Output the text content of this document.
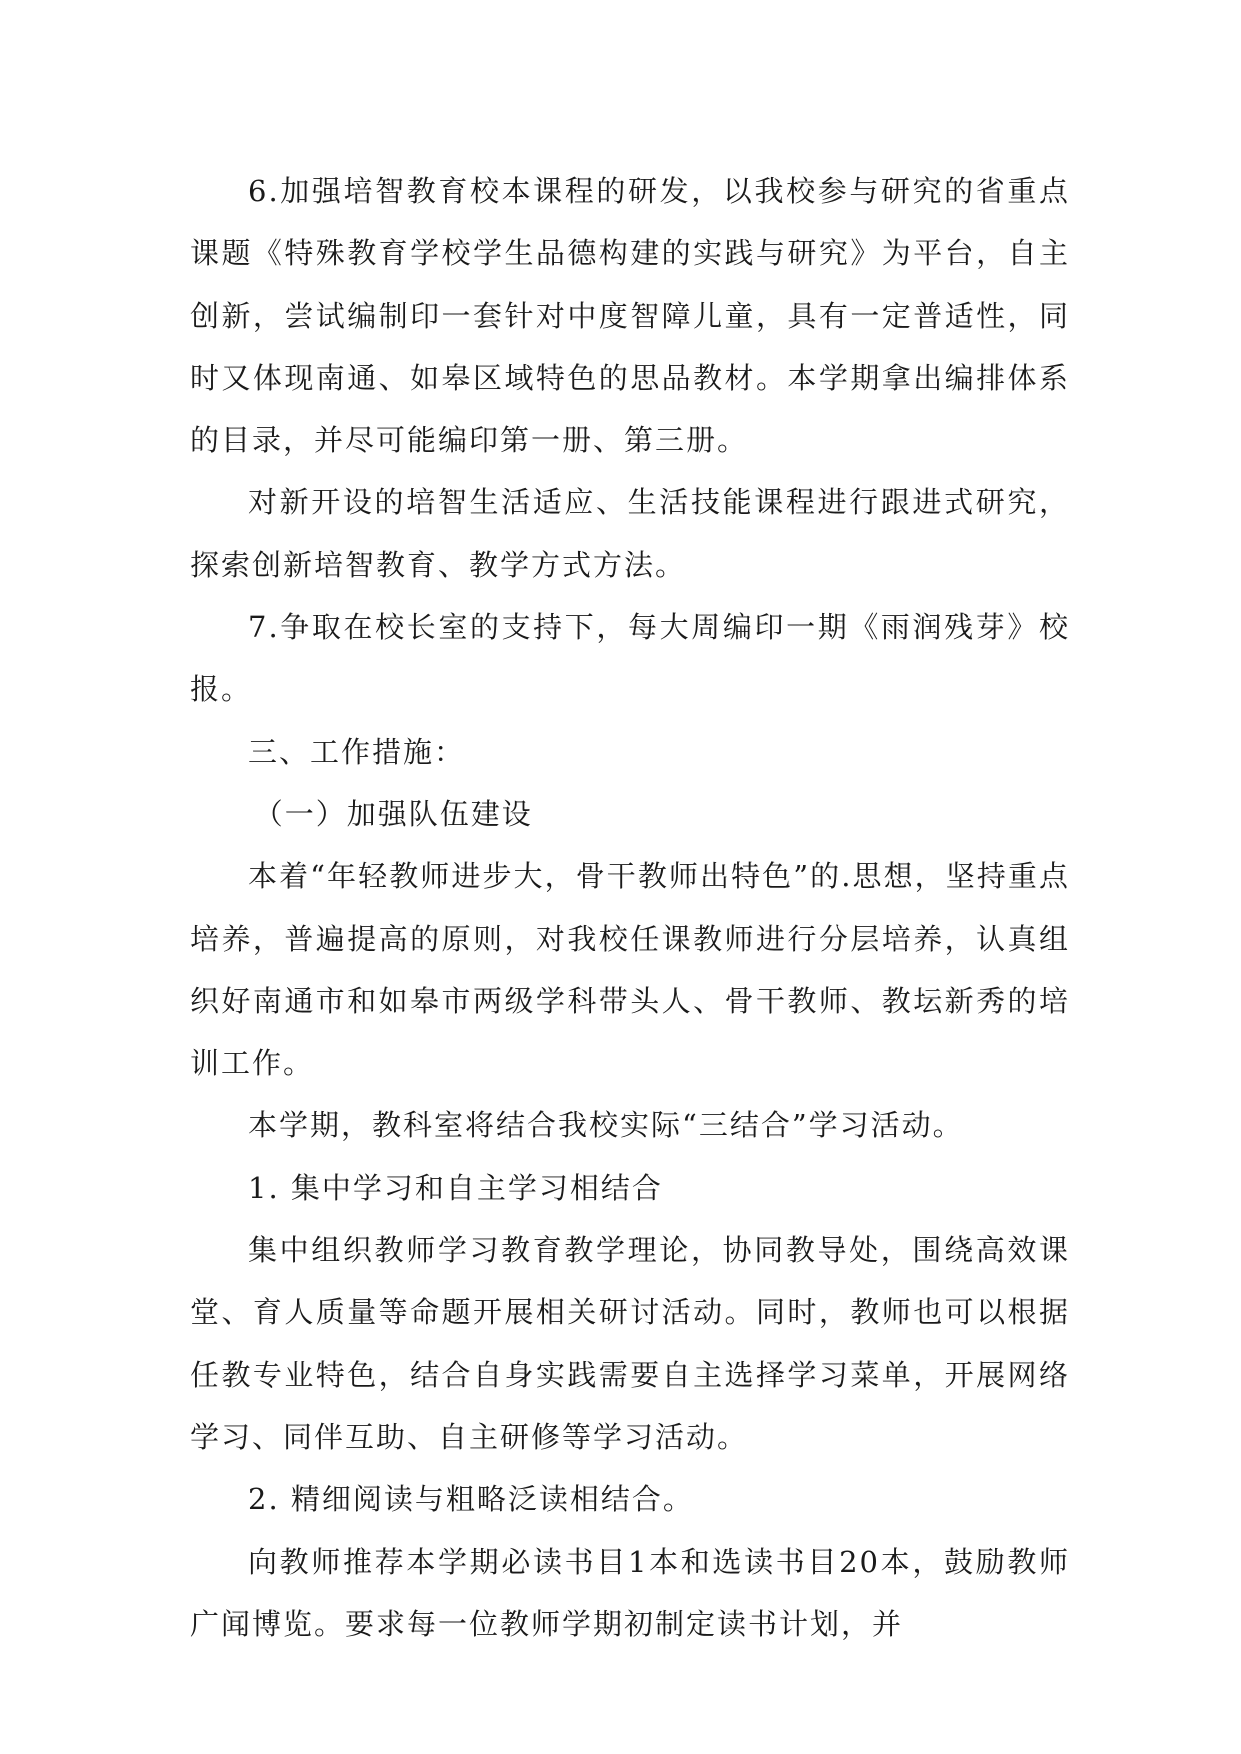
6.加强培智教育校本课程的研发，以我校参与研究的省重点课题《特殊教育学校学生品德构建的实践与研究》为平台，自主创新，尝试编制印一套针对中度智障儿童，具有一定普适性，同时又体现南通、如皋区域特色的思品教材。本学期拿出编排体系的目录，并尽可能编印第一册、第三册。

对新开设的培智生活适应、生活技能课程进行跟进式研究，探索创新培智教育、教学方式方法。

7.争取在校长室的支持下，每大周编印一期《雨润残芽》校报。

三、工作措施：

（一）加强队伍建设

本着“年轻教师进步大，骨干教师出特色”的.思想，坚持重点培养，普遍提高的原则，对我校任课教师进行分层培养，认真组织好南通市和如皋市两级学科带头人、骨干教师、教坛新秀的培训工作。

本学期，教科室将结合我校实际“三结合”学习活动。

1. 集中学习和自主学习相结合

集中组织教师学习教育教学理论，协同教导处，围绕高效课堂、育人质量等命题开展相关研讨活动。同时，教师也可以根据任教专业特色，结合自身实践需要自主选择学习菜单，开展网络学习、同伴互助、自主研修等学习活动。

2. 精细阅读与粗略泛读相结合。

向教师推荐本学期必读书目1本和选读书目20本，鼓励教师广闻博览。要求每一位教师学期初制定读书计划，并
